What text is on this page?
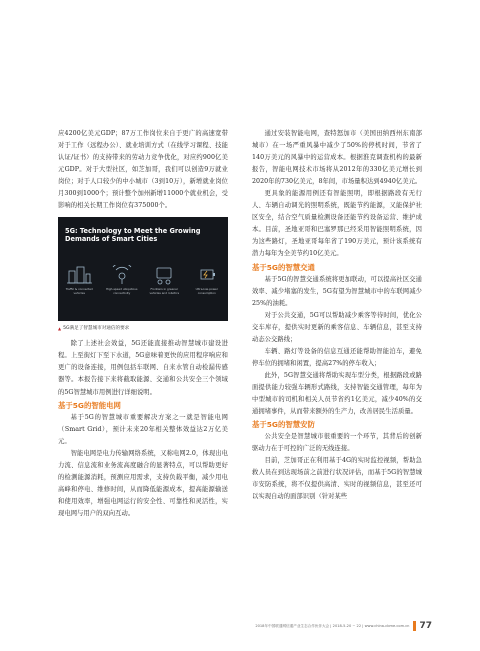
应4200亿美元GDP；87万工作岗位来自于更广的高速宽带对于工作（远程办公）、就业培训方式（在线学习课程、技能认证/证书）的支持带来的劳动力竞争优化，对应约900亿美元GDP。对于大型社区，如芝加哥，我们可以创造9万就业岗位；对于人口较少的中小城市（3到10万），新增就业岗位月300到1000个；预计整个加州新增11000个就业机会，受影响的相关长期工作岗位有375000个。

5G: Technology to Meet the Growing Demands of Smart Cities
Traffic & connected vehicles
High-speed ubiquitous connectivity
Frontiers in greener vehicles and robotics
Ultra-low-power consumption
▲ 5G满足了智慧城市对通信的要求

除了上述社会效益，5G还能直接推动智慧城市建设进程。上至街灯下至下水道，5G意味着更快的应用程序响应和更广的设备连接，用例包括车联网、自来水管自动检漏传感器等。本报告接下来将截取能源、交通和公共安全三个领域的5G智慧城市用例进行详细说明。

基于5G的智能电网

基于5G的智慧城市重要解决方案之一就是智能电网（Smart Grid），预计未来20年相关整体效益达2万亿美元。

智能电网是电力传输网络系统，又称电网2.0，体现出电力流、信息流和业务流高度融合的显著特点，可以帮助更好的检测能源消耗，预测应用需求，支持负载平衡，减少用电高峰和停电、维修时间，从而降低能源成本，提高能源输送和使用效率，增强电网运行的安全性、可靠性和灵活性，实现电网与用户的双向互动。

通过安装智能电网，查特怒加市（美国田纳西州东南部城市）在一场严重风暴中减少了50%的停机时间，节省了140万美元的风暴中的运营成本。根据淮克调查机构的最新报告，智能电网技术市场将从2012年的330亿美元增长到2020年的730亿美元，8年间，市场量积达到4940亿美元。

更具象的能源用例还有智能照明，即根据路段有无行人、车辆自动调光的照明系统，既能节约能源，又能保护社区安全，结合空气质量检测设备还能节约设备运营、维护成本。目前，圣地亚哥和巴塞罗那已经采用智能照明系统，因为这些路灯，圣地亚哥每年省了190万美元，预计该系统有潜力每年为全美节约10亿美元。

基于5G的智慧交通

基于5G的智慧交通系统将更加联动，可以提高社区交通效率、减少堵塞的发生，5G有望为智慧城市中的车联网减少25%的油耗。

对于公共交通，5G可以帮助减少乘客等待时间，优化公交车库存，提供实时更新的乘客信息、车辆信息，甚至支持动态公交路线；

车辆、路灯等设备的信息互通还能帮助智能泊车，避免停车位的拥堵和闲置，提高27%的停车收入；

此外，5G智慧交通将帮助实现车型分类，根据路段或路面提供能力较强车辆形式路线，支持智能交通管理，每年为中型城市的司机和相关人员节省约1亿美元，减少40%的交通拥堵事件，从而带来额外的生产力，改善居民生活质量。

基于5G的智慧安防

公共安全是智慧城市很重要的一个环节，其背后的创新驱动力在于可控的广泛的无线连接。

目前，芝加哥正在利用基于4G的实时监控视频，帮助急救人员在到达现场前之前进行状况评估，而基于5G的智慧城市安防系统，将不仅提供高清、实时的视频信息，甚至还可以实现自动的面部识别（针对某些

2018年中国联通网信通产业生态合作伙伴大会 | 2018-5-20 ~ 22 | www.china-cbme.com.cn 77
